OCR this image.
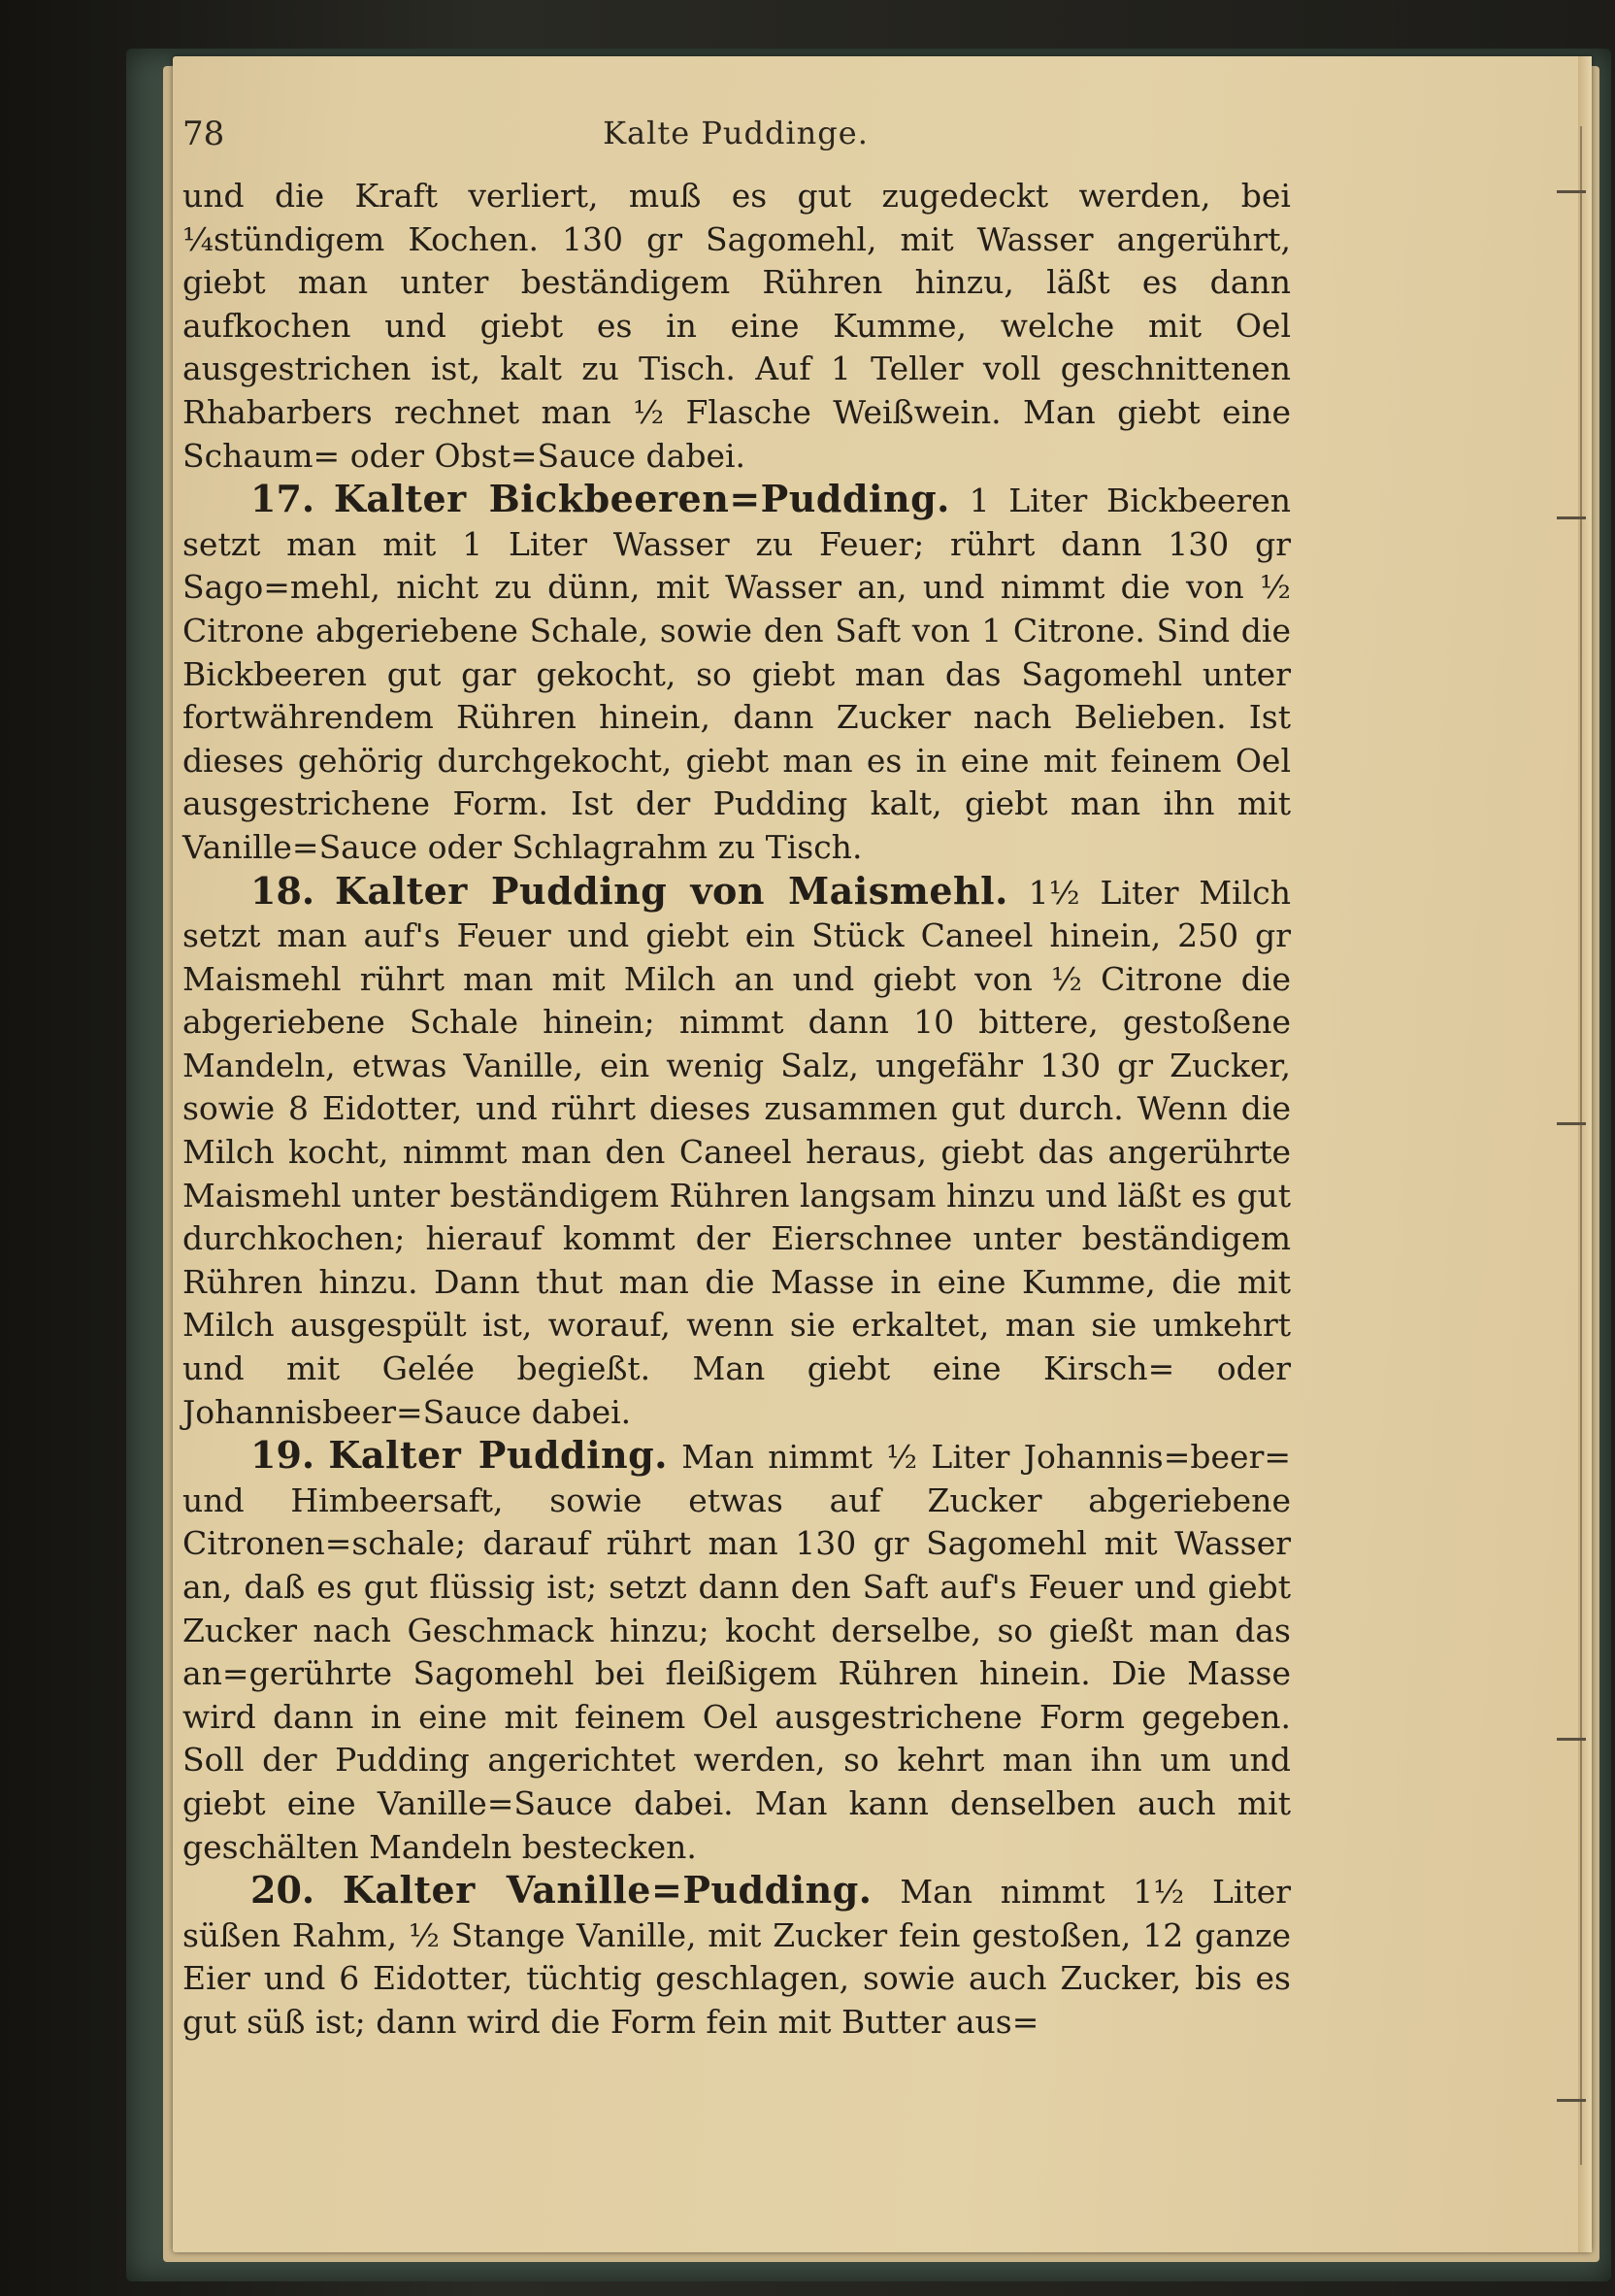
78	Kalte Puddinge.

und die Kraft verliert, muß es gut zugedeckt werden, bei ¼stündigem Kochen. 130 gr Sagomehl, mit Wasser angerührt, giebt man unter beständigem Rühren hinzu, läßt es dann aufkochen und giebt es in eine Kumme, welche mit Oel ausgestrichen ist, kalt zu Tisch. Auf 1 Teller voll geschnittenen Rhabarbers rechnet man ½ Flasche Weißwein. Man giebt eine Schaum= oder Obst=Sauce dabei.

17. Kalter Bickbeeren=Pudding. 1 Liter Bickbeeren setzt man mit 1 Liter Wasser zu Feuer; rührt dann 130 gr Sago=mehl, nicht zu dünn, mit Wasser an, und nimmt die von ½ Citrone abgeriebene Schale, sowie den Saft von 1 Citrone. Sind die Bickbeeren gut gar gekocht, so giebt man das Sagomehl unter fortwährendem Rühren hinein, dann Zucker nach Belieben. Ist dieses gehörig durchgekocht, giebt man es in eine mit feinem Oel ausgestrichene Form. Ist der Pudding kalt, giebt man ihn mit Vanille=Sauce oder Schlagrahm zu Tisch.

18. Kalter Pudding von Maismehl. 1½ Liter Milch setzt man auf's Feuer und giebt ein Stück Caneel hinein, 250 gr Maismehl rührt man mit Milch an und giebt von ½ Citrone die abgeriebene Schale hinein; nimmt dann 10 bittere, gestoßene Mandeln, etwas Vanille, ein wenig Salz, ungefähr 130 gr Zucker, sowie 8 Eidotter, und rührt dieses zusammen gut durch. Wenn die Milch kocht, nimmt man den Caneel heraus, giebt das angerührte Maismehl unter beständigem Rühren langsam hinzu und läßt es gut durchkochen; hierauf kommt der Eierschnee unter beständigem Rühren hinzu. Dann thut man die Masse in eine Kumme, die mit Milch ausgespült ist, worauf, wenn sie erkaltet, man sie umkehrt und mit Gelée begießt. Man giebt eine Kirsch= oder Johannisbeer=Sauce dabei.

19. Kalter Pudding. Man nimmt ½ Liter Johannis=beer= und Himbeersaft, sowie etwas auf Zucker abgeriebene Citronen=schale; darauf rührt man 130 gr Sagomehl mit Wasser an, daß es gut flüssig ist; setzt dann den Saft auf's Feuer und giebt Zucker nach Geschmack hinzu; kocht derselbe, so gießt man das an=gerührte Sagomehl bei fleißigem Rühren hinein. Die Masse wird dann in eine mit feinem Oel ausgestrichene Form gegeben. Soll der Pudding angerichtet werden, so kehrt man ihn um und giebt eine Vanille=Sauce dabei. Man kann denselben auch mit geschälten Mandeln bestecken.

20. Kalter Vanille=Pudding. Man nimmt 1½ Liter süßen Rahm, ½ Stange Vanille, mit Zucker fein gestoßen, 12 ganze Eier und 6 Eidotter, tüchtig geschlagen, sowie auch Zucker, bis es gut süß ist; dann wird die Form fein mit Butter aus=
